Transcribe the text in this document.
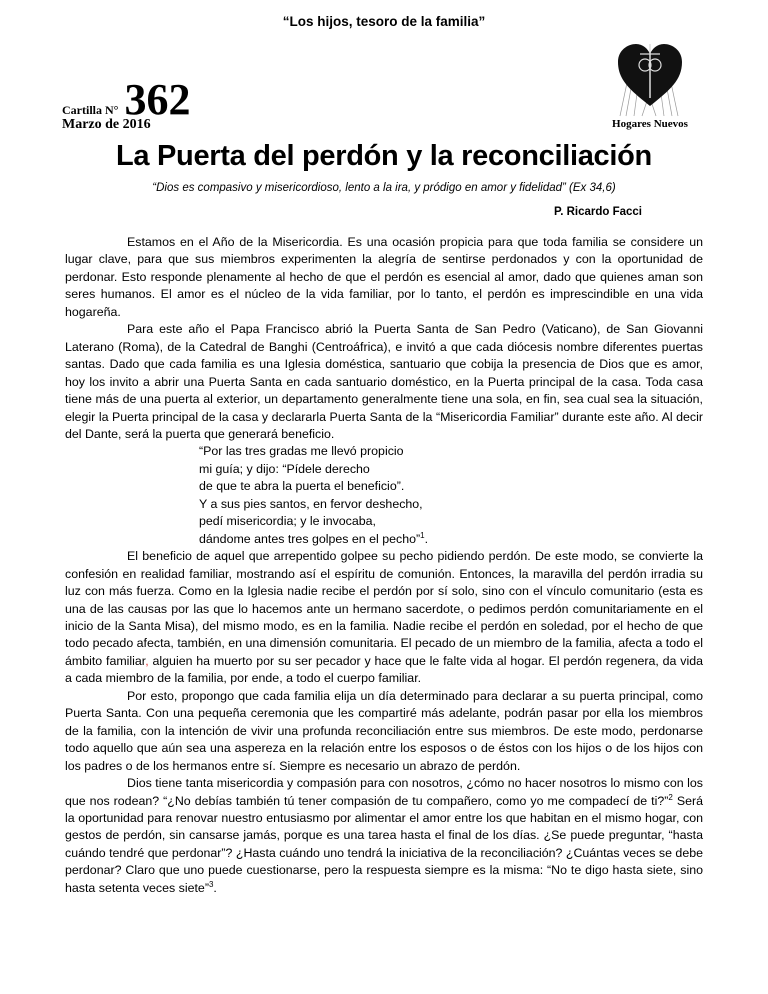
“Los hijos, tesoro de la familia”
Cartilla N° 362
Marzo de 2016	Hogares Nuevos
La Puerta del perdón y la reconciliación
“Dios es compasivo y misericordioso, lento a la ira, y pródigo en amor y fidelidad” (Ex 34,6)
P. Ricardo Facci

Estamos en el Año de la Misericordia. Es una ocasión propicia para que toda familia se considere un lugar clave, para que sus miembros experimenten la alegría de sentirse perdonados y con la oportunidad de perdonar. Esto responde plenamente al hecho de que el perdón es esencial al amor, dado que quienes aman son seres humanos. El amor es el núcleo de la vida familiar, por lo tanto, el perdón es imprescindible en una vida hogareña.

Para este año el Papa Francisco abrió la Puerta Santa de San Pedro (Vaticano), de San Giovanni Laterano (Roma), de la Catedral de Banghi (Centroáfrica), e invitó a que cada diócesis nombre diferentes puertas santas. Dado que cada familia es una Iglesia doméstica, santuario que cobija la presencia de Dios que es amor, hoy los invito a abrir una Puerta Santa en cada santuario doméstico, en la Puerta principal de la casa. Toda casa tiene más de una puerta al exterior, un departamento generalmente tiene una sola, en fin, sea cual sea la situación, elegir la Puerta principal de la casa y declararla Puerta Santa de la “Misericordia Familiar” durante este año. Al decir del Dante, será la puerta que generará beneficio.

“Por las tres gradas me llevó propicio
mi guía; y dijo: “Pídele derecho
de que te abra la puerta el beneficio”.
Y a sus pies santos, en fervor deshecho,
pedí misericordia; y le invocaba,
dándome antes tres golpes en el pecho”$^1$.

El beneficio de aquel que arrepentido golpee su pecho pidiendo perdón. De este modo, se convierte la confesión en realidad familiar, mostrando así el espíritu de comunión. Entonces, la maravilla del perdón irradia su luz con más fuerza. Como en la Iglesia nadie recibe el perdón por sí solo, sino con el vínculo comunitario (esta es una de las causas por las que lo hacemos ante un hermano sacerdote, o pedimos perdón comunitariamente en el inicio de la Santa Misa), del mismo modo, es en la familia. Nadie recibe el perdón en soledad, por el hecho de que todo pecado afecta, también, en una dimensión comunitaria. El pecado de un miembro de la familia, afecta a todo el ámbito familiar, alguien ha muerto por su ser pecador y hace que le falte vida al hogar. El perdón regenera, da vida a cada miembro de la familia, por ende, a todo el cuerpo familiar.

Por esto, propongo que cada familia elija un día determinado para declarar a su puerta principal, como Puerta Santa. Con una pequeña ceremonia que les compartiré más adelante, podrán pasar por ella los miembros de la familia, con la intención de vivir una profunda reconciliación entre sus miembros. De este modo, perdonarse todo aquello que aún sea una aspereza en la relación entre los esposos o de éstos con los hijos o de los hijos con los padres o de los hermanos entre sí. Siempre es necesario un abrazo de perdón.

Dios tiene tanta misericordia y compasión para con nosotros, ¿cómo no hacer nosotros lo mismo con los que nos rodean? “¿No debías también tú tener compasión de tu compañero, como yo me compadecí de ti?”$^2$ Será la oportunidad para renovar nuestro entusiasmo por alimentar el amor entre los que habitan en el mismo hogar, con gestos de perdón, sin cansarse jamás, porque es una tarea hasta el final de los días. ¿Se puede preguntar, “hasta cuándo tendré que perdonar”? ¿Hasta cuándo uno tendrá la iniciativa de la reconciliación? ¿Cuántas veces se debe perdonar? Claro que uno puede cuestionarse, pero la respuesta siempre es la misma: “No te digo hasta siete, sino hasta setenta veces siete”$^3$.
